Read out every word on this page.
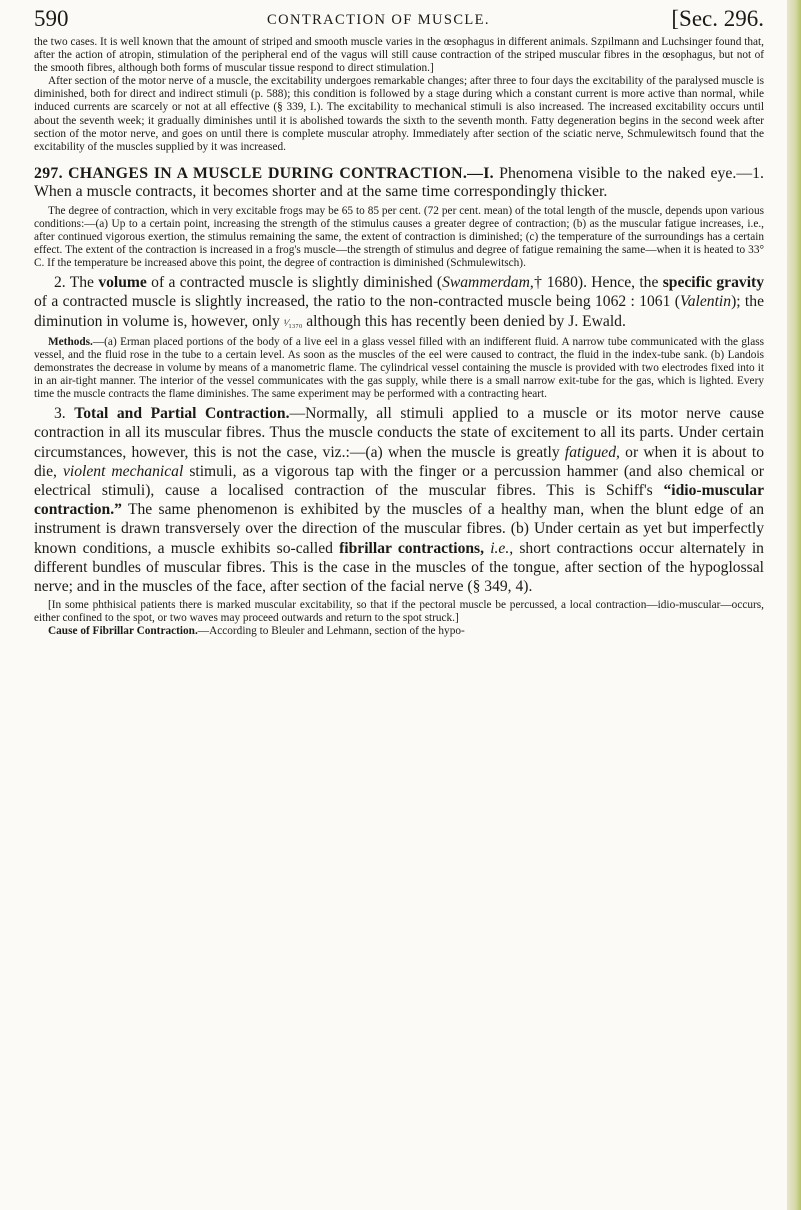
590	CONTRACTION OF MUSCLE.	[Sec. 296.

the two cases. It is well known that the amount of striped and smooth muscle varies in the œsophagus in different animals. Szpilmann and Luchsinger found that, after the action of atropin, stimulation of the peripheral end of the vagus will still cause contraction of the striped muscular fibres in the œsophagus, but not of the smooth fibres, although both forms of muscular tissue respond to direct stimulation.]

After section of the motor nerve of a muscle, the excitability undergoes remarkable changes; after three to four days the excitability of the paralysed muscle is diminished, both for direct and indirect stimuli (p. 588); this condition is followed by a stage during which a constant current is more active than normal, while induced currents are scarcely or not at all effective (§ 339, I.). The excitability to mechanical stimuli is also increased. The increased excitability occurs until about the seventh week; it gradually diminishes until it is abolished towards the sixth to the seventh month. Fatty degeneration begins in the second week after section of the motor nerve, and goes on until there is complete muscular atrophy. Immediately after section of the sciatic nerve, Schmulewitsch found that the excitability of the muscles supplied by it was increased.

297. CHANGES IN A MUSCLE DURING CONTRACTION.—I. Phenomena visible to the naked eye.—1. When a muscle contracts, it becomes shorter and at the same time correspondingly thicker.

The degree of contraction, which in very excitable frogs may be 65 to 85 per cent. (72 per cent. mean) of the total length of the muscle, depends upon various conditions:—(a) Up to a certain point, increasing the strength of the stimulus causes a greater degree of contraction; (b) as the muscular fatigue increases, i.e., after continued vigorous exertion, the stimulus remaining the same, the extent of contraction is diminished; (c) the temperature of the surroundings has a certain effect. The extent of the contraction is increased in a frog's muscle—the strength of stimulus and degree of fatigue remaining the same—when it is heated to 33° C. If the temperature be increased above this point, the degree of contraction is diminished (Schmulewitsch).

2. The volume of a contracted muscle is slightly diminished (Swammerdam,† 1680). Hence, the specific gravity of a contracted muscle is slightly increased, the ratio to the non-contracted muscle being 1062 : 1061 (Valentin); the diminution in volume is, however, only ¹⁄₁₃₇₀ although this has recently been denied by J. Ewald.

Methods.—(a) Erman placed portions of the body of a live eel in a glass vessel filled with an indifferent fluid. A narrow tube communicated with the glass vessel, and the fluid rose in the tube to a certain level. As soon as the muscles of the eel were caused to contract, the fluid in the index-tube sank. (b) Landois demonstrates the decrease in volume by means of a manometric flame. The cylindrical vessel containing the muscle is provided with two electrodes fixed into it in an air-tight manner. The interior of the vessel communicates with the gas supply, while there is a small narrow exit-tube for the gas, which is lighted. Every time the muscle contracts the flame diminishes. The same experiment may be performed with a contracting heart.

3. Total and Partial Contraction.—Normally, all stimuli applied to a muscle or its motor nerve cause contraction in all its muscular fibres. Thus the muscle conducts the state of excitement to all its parts. Under certain circumstances, however, this is not the case, viz.:—(a) when the muscle is greatly fatigued, or when it is about to die, violent mechanical stimuli, as a vigorous tap with the finger or a percussion hammer (and also chemical or electrical stimuli), cause a localised contraction of the muscular fibres. This is Schiff's “idio-muscular contraction.” The same phenomenon is exhibited by the muscles of a healthy man, when the blunt edge of an instrument is drawn transversely over the direction of the muscular fibres. (b) Under certain as yet but imperfectly known conditions, a muscle exhibits so-called fibrillar contractions, i.e., short contractions occur alternately in different bundles of muscular fibres. This is the case in the muscles of the tongue, after section of the hypoglossal nerve; and in the muscles of the face, after section of the facial nerve (§ 349, 4).

[In some phthisical patients there is marked muscular excitability, so that if the pectoral muscle be percussed, a local contraction—idio-muscular—occurs, either confined to the spot, or two waves may proceed outwards and return to the spot struck.]

Cause of Fibrillar Contraction.—According to Bleuler and Lehmann, section of the hypo-
